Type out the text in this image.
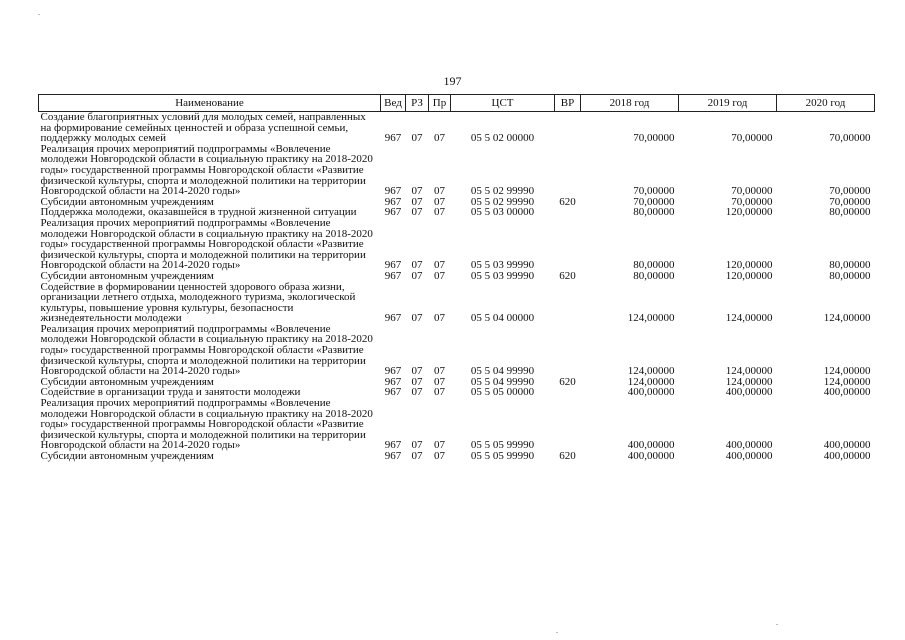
197
Наименование	Вед	РЗ	Пр	ЦСТ	ВР	2018 год	2019 год	2020 год
Создание благоприятных условий для молодых семей, направленных на формирование семейных ценностей и образа успешной семьи, поддержку молодых семей	967	07	07	05 5 02 00000		70,00000	70,00000	70,00000
Реализация прочих мероприятий подпрограммы «Вовлечение молодежи Новгородской области в социальную практику на 2018-2020 годы» государственной программы Новгородской области «Развитие физической культуры, спорта и молодежной политики на территории Новгородской области на 2014-2020 годы»	967	07	07	05 5 02 99990		70,00000	70,00000	70,00000
Субсидии автономным учреждениям	967	07	07	05 5 02 99990	620	70,00000	70,00000	70,00000
Поддержка молодежи, оказавшейся в трудной жизненной ситуации	967	07	07	05 5 03 00000		80,00000	120,00000	80,00000
Реализация прочих мероприятий подпрограммы «Вовлечение молодежи Новгородской области в социальную практику на 2018-2020 годы» государственной программы Новгородской области «Развитие физической культуры, спорта и молодежной политики на территории Новгородской области на 2014-2020 годы»	967	07	07	05 5 03 99990		80,00000	120,00000	80,00000
Субсидии автономным учреждениям	967	07	07	05 5 03 99990	620	80,00000	120,00000	80,00000
Содействие в формировании ценностей здорового образа жизни, организации летнего отдыха, молодежного туризма, экологической культуры, повышение уровня культуры, безопасности жизнедеятельности молодежи	967	07	07	05 5 04 00000		124,00000	124,00000	124,00000
Реализация прочих мероприятий подпрограммы «Вовлечение молодежи Новгородской области в социальную практику на 2018-2020 годы» государственной программы Новгородской области «Развитие физической культуры, спорта и молодежной политики на территории Новгородской области на 2014-2020 годы»	967	07	07	05 5 04 99990		124,00000	124,00000	124,00000
Субсидии автономным учреждениям	967	07	07	05 5 04 99990	620	124,00000	124,00000	124,00000
Содействие в организации труда и занятости молодежи	967	07	07	05 5 05 00000		400,00000	400,00000	400,00000
Реализация прочих мероприятий подпрограммы «Вовлечение молодежи Новгородской области в социальную практику на 2018-2020 годы» государственной программы Новгородской области «Развитие физической культуры, спорта и молодежной политики на территории Новгородской области на 2014-2020 годы»	967	07	07	05 5 05 99990		400,00000	400,00000	400,00000
Субсидии автономным учреждениям	967	07	07	05 5 05 99990	620	400,00000	400,00000	400,00000
